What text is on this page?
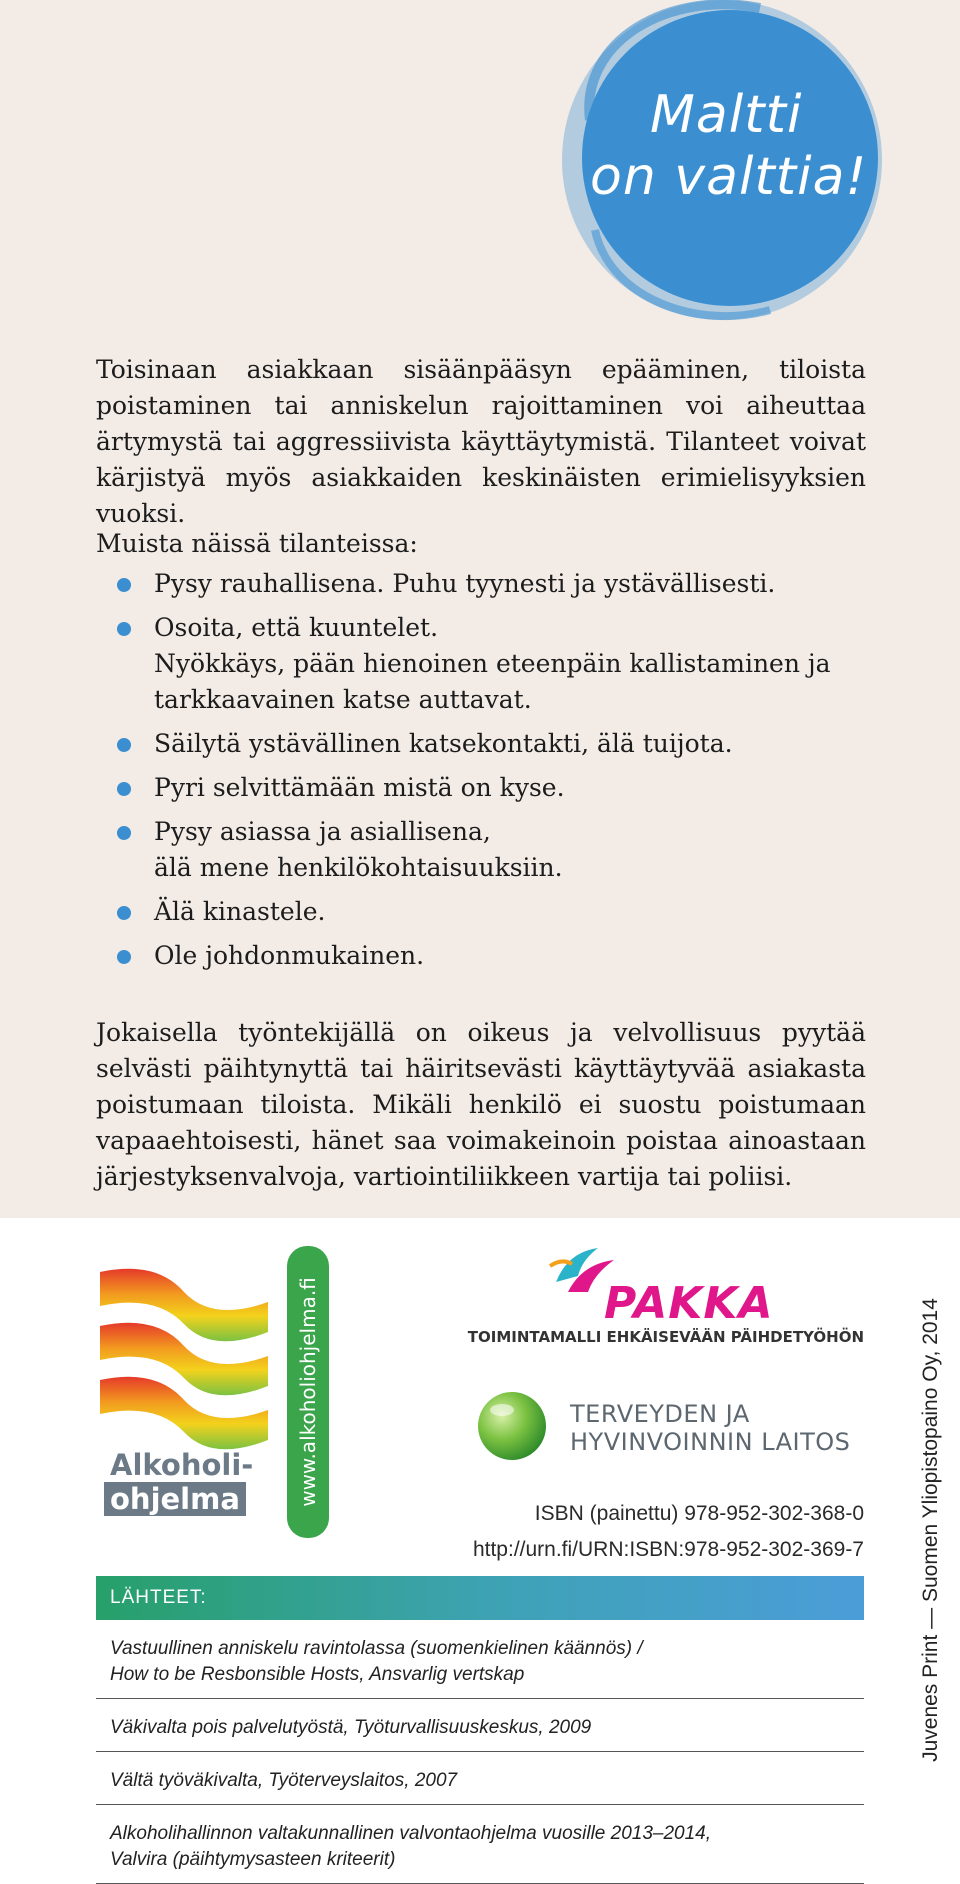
Maltti
on valttia!
Toisinaan asiakkaan sisäänpääsyn epääminen, tiloista poistaminen tai anniskelun rajoittaminen voi aiheuttaa ärtymystä tai aggressiivista käyttäytymistä. Tilanteet voivat kärjistyä myös asiakkaiden keskinäisten erimielisyyksien vuoksi.
Muista näissä tilanteissa:
Pysy rauhallisena. Puhu tyynesti ja ystävällisesti.
Osoita, että kuuntelet.
Nyökkäys, pään hienoinen eteenpäin kallistaminen ja tarkkaavainen katse auttavat.
Säilytä ystävällinen katsekontakti, älä tuijota.
Pyri selvittämään mistä on kyse.
Pysy asiassa ja asiallisena,
älä mene henkilökohtaisuuksiin.
Älä kinastele.
Ole johdonmukainen.
Jokaisella työntekijällä on oikeus ja velvollisuus pyytää selvästi päihtynyttä tai häiritsevästi käyttäytyvää asiakasta poistumaan tiloista. Mikäli henkilö ei suostu poistumaan vapaaehtoisesti, hänet saa voimakeinoin poistaa ainoastaan järjestyksenvalvoja, vartiointiliikkeen vartija tai poliisi.
Alkoholi-
ohjelma	www.alkoholiohjelma.fi	PAKKA
TOIMINTAMALLI EHKÄISEVÄÄN PÄIHDETYÖHÖN
TERVEYDEN JA
HYVINVOINNIN LAITOS
ISBN (painettu) 978-952-302-368-0
http://urn.fi/URN:ISBN:978-952-302-369-7
LÄHTEET:
Vastuullinen anniskelu ravintolassa (suomenkielinen käännös) /
How to be Resbonsible Hosts, Ansvarlig vertskap
Väkivalta pois palvelutyöstä, Työturvallisuuskeskus, 2009
Vältä työväkivalta, Työterveyslaitos, 2007
Alkoholihallinnon valtakunnallinen valvontaohjelma vuosille 2013–2014,
Valvira (päihtymysasteen kriteerit)
Juvenes Print — Suomen Yliopistopaino Oy, 2014
